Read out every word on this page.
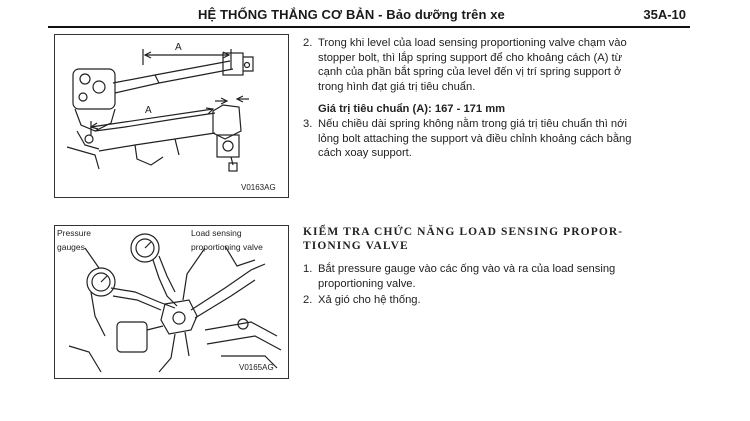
HỆ THỐNG THẮNG CƠ BẢN - Bảo dưỡng trên xe	35A-10
A
A
V0163AG
2. Trong khi level của load sensing proportioning valve chạm vào stopper bolt, thì lắp spring support để cho khoảng cách (A) từ cạnh của phần bắt spring của level đến vị trí spring support ở trong hình đạt giá trị tiêu chuẩn.
Giá trị tiêu chuẩn (A): 167 - 171 mm
3. Nếu chiều dài spring không nằm trong giá trị tiêu chuẩn thì nới lỏng bolt attaching the support và điều chỉnh khoảng cách bằng cách xoay support.
Pressure
gauges
Load sensing
proportioning valve
V0165AG
KIỂM TRA CHỨC NĂNG LOAD SENSING PROPOR-
TIONING VALVE
1. Bắt pressure gauge vào các ống vào và ra của load sensing proportioning valve.
2. Xả gió cho hệ thống.
